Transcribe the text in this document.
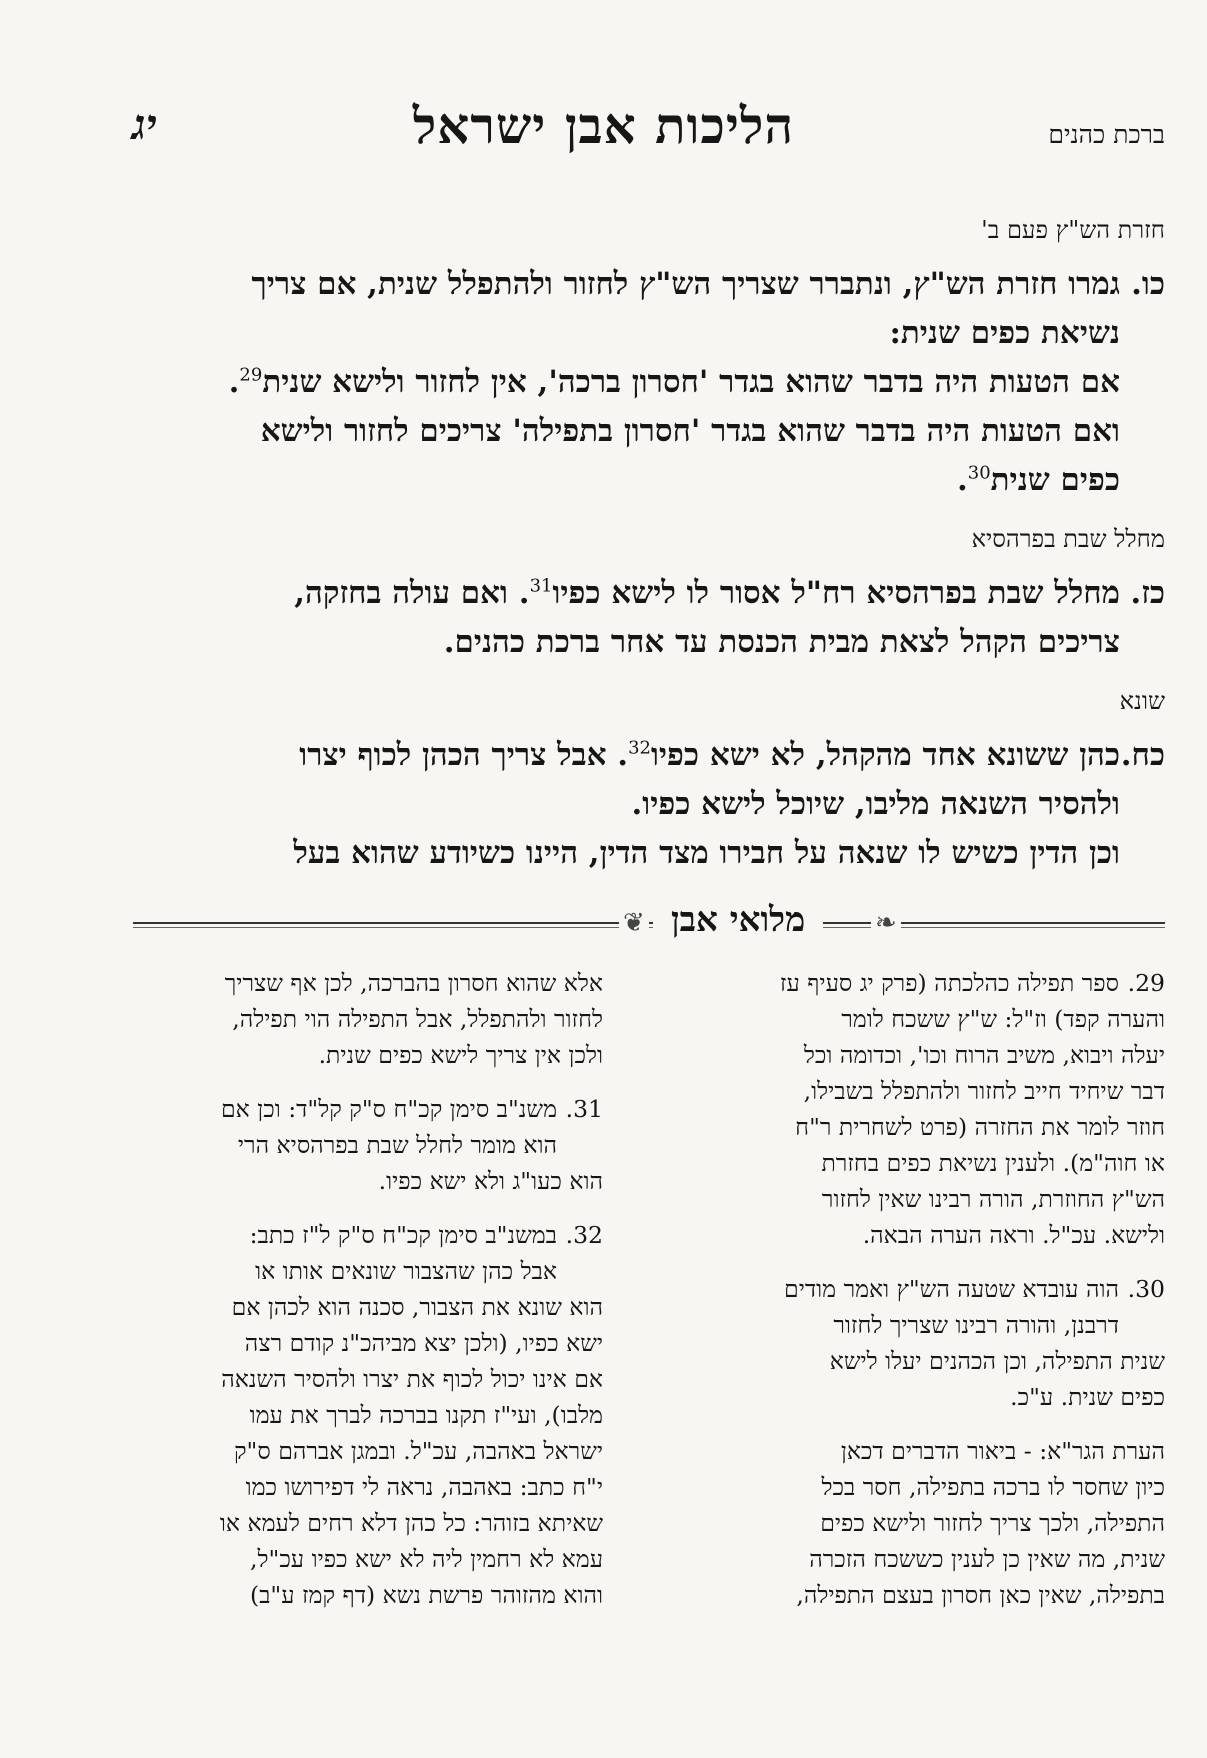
ברכת כהנים
הליכות אבן ישראל
יג
חזרת הש"ץ פעם ב'
כו.
גמרו חזרת הש"ץ, ונתברר שצריך הש"ץ לחזור ולהתפלל שנית, אם צריך
נשיאת כפים שנית:
אם הטעות היה בדבר שהוא בגדר 'חסרון ברכה', אין לחזור ולישא שנית$^{29}$.
ואם הטעות היה בדבר שהוא בגדר 'חסרון בתפילה' צריכים לחזור ולישא
כפים שנית$^{30}$.
מחלל שבת בפרהסיא
כז.
מחלל שבת בפרהסיא רח"ל אסור לו לישא כפיו$^{31}$. ואם עולה בחזקה,
צריכים הקהל לצאת מבית הכנסת עד אחר ברכת כהנים.
שונא
כח.
כהן ששונא אחד מהקהל, לא ישא כפיו$^{32}$. אבל צריך הכהן לכוף יצרו
ולהסיר השנאה מליבו, שיוכל לישא כפיו.
וכן הדין כשיש לו שנאה על חבירו מצד הדין, היינו כשיודע שהוא בעל
❦ מלואי אבן	❧
29.
ספר תפילה כהלכתה (פרק יג סעיף עז
והערה קפד) וז"ל: ש"ץ ששכח לומר
יעלה ויבוא, משיב הרוח וכו', וכדומה וכל
דבר שיחיד חייב לחזור ולהתפלל בשבילו,
חוזר לומר את החזרה (פרט לשחרית ר"ח
או חוה"מ). ולענין נשיאת כפים בחזרת
הש"ץ החוזרת, הורה רבינו שאין לחזור
ולישא. עכ"ל. וראה הערה הבאה.
30.
הוה עובדא שטעה הש"ץ ואמר מודים
דרבנן, והורה רבינו שצריך לחזור
שנית התפילה, וכן הכהנים יעלו לישא
כפים שנית. ע"כ.
הערת הגר"א: - ביאור הדברים דכאן
כיון שחסר לו ברכה בתפילה, חסר בכל
התפילה, ולכך צריך לחזור ולישא כפים
שנית, מה שאין כן לענין כששכח הזכרה
בתפילה, שאין כאן חסרון בעצם התפילה,
אלא שהוא חסרון בהברכה, לכן אף שצריך
לחזור ולהתפלל, אבל התפילה הוי תפילה,
ולכן אין צריך לישא כפים שנית.
31.
משנ"ב סימן קכ"ח ס"ק קל"ד: וכן אם
הוא מומר לחלל שבת בפרהסיא הרי
הוא כעו"ג ולא ישא כפיו.
32.
במשנ"ב סימן קכ"ח ס"ק ל"ז כתב:
אבל כהן שהצבור שונאים אותו או
הוא שונא את הצבור, סכנה הוא לכהן אם
ישא כפיו, (ולכן יצא מביהכ"נ קודם רצה
אם אינו יכול לכוף את יצרו ולהסיר השנאה
מלבו), ועי"ז תקנו בברכה לברך את עמו
ישראל באהבה, עכ"ל. ובמגן אברהם ס"ק
י"ח כתב: באהבה, נראה לי דפירושו כמו
שאיתא בזוהר: כל כהן דלא רחים לעמא או
עמא לא רחמין ליה לא ישא כפיו עכ"ל,
והוא מהזוהר פרשת נשא (דף קמז ע"ב)
